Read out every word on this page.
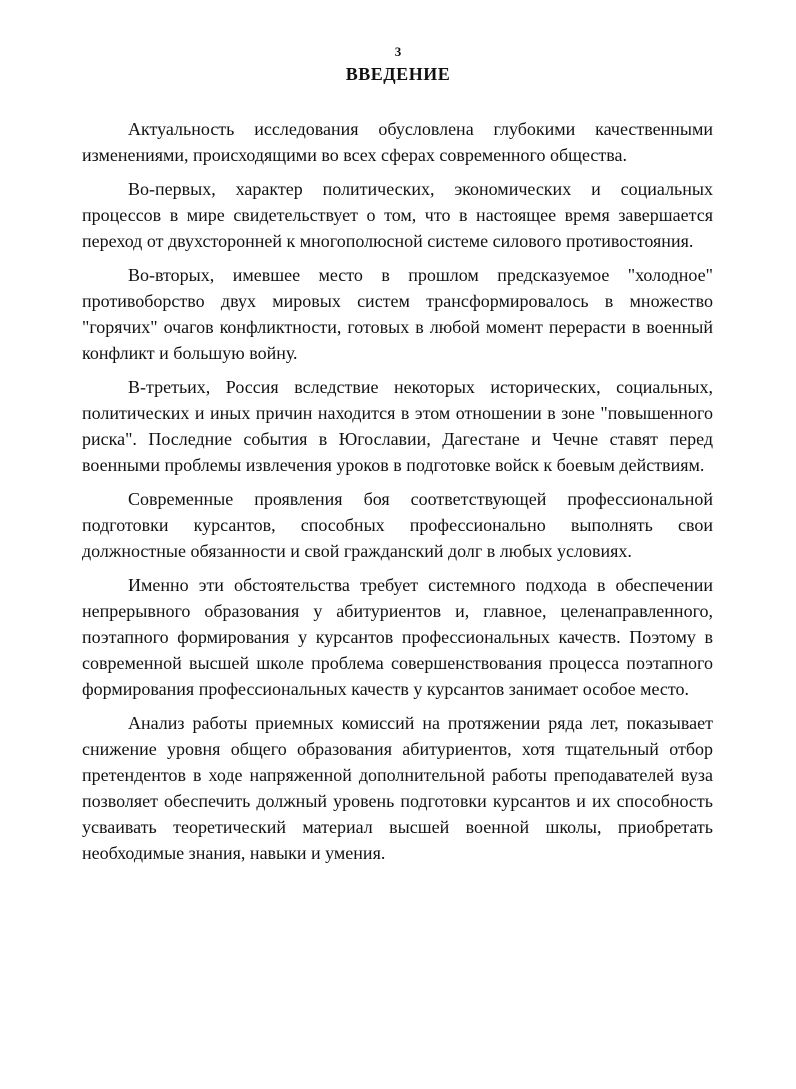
3
ВВЕДЕНИЕ

Актуальность исследования обусловлена глубокими качественными изменениями, происходящими во всех сферах современного общества.

Во-первых, характер политических, экономических и социальных процессов в мире свидетельствует о том, что в настоящее время завершается переход от двухсторонней к многополюсной системе силового противостояния.

Во-вторых, имевшее место в прошлом предсказуемое "холодное" противоборство двух мировых систем трансформировалось в множество "горячих" очагов конфликтности, готовых в любой момент перерасти в военный конфликт и большую войну.

В-третьих, Россия вследствие некоторых исторических, социальных, политических и иных причин находится в этом отношении в зоне "повышенного риска". Последние события в Югославии, Дагестане и Чечне ставят перед военными проблемы извлечения уроков в подготовке войск к боевым действиям.

Современные проявления боя соответствующей профессиональной подготовки курсантов, способных профессионально выполнять свои должностные обязанности и свой гражданский долг в любых условиях.

Именно эти обстоятельства требует системного подхода в обеспечении непрерывного образования у абитуриентов и, главное, целенаправленного, поэтапного формирования у курсантов профессиональных качеств. Поэтому в современной высшей школе проблема совершенствования процесса поэтапного формирования профессиональных качеств у курсантов занимает особое место.

Анализ работы приемных комиссий на протяжении ряда лет, показывает снижение уровня общего образования абитуриентов, хотя тщательный отбор претендентов в ходе напряженной дополнительной работы преподавателей вуза позволяет обеспечить должный уровень подготовки курсантов и их способность усваивать теоретический материал высшей военной школы, приобретать необходимые знания, навыки и умения.
